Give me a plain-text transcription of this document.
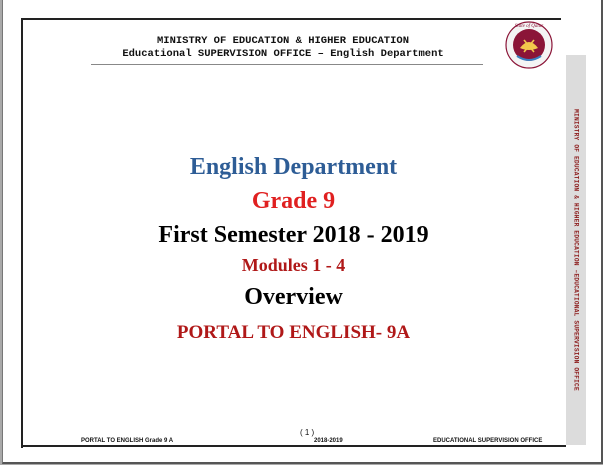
MINISTRY OF EDUCATION & HIGHER EDUCATION
Educational SUPERVISION OFFICE – English Department
State of Qatar
MINISTRY OF EDUCATION & HIGHER EDUCATION –EDUCATIONAL SUPERVISION OFFICE
English Department
Grade 9
First Semester 2018 - 2019
Modules 1 - 4
Overview
PORTAL TO ENGLISH- 9A
PORTAL TO ENGLISH Grade 9 A
( 1 )
2018-2019	EDUCATIONAL SUPERVISION OFFICE
